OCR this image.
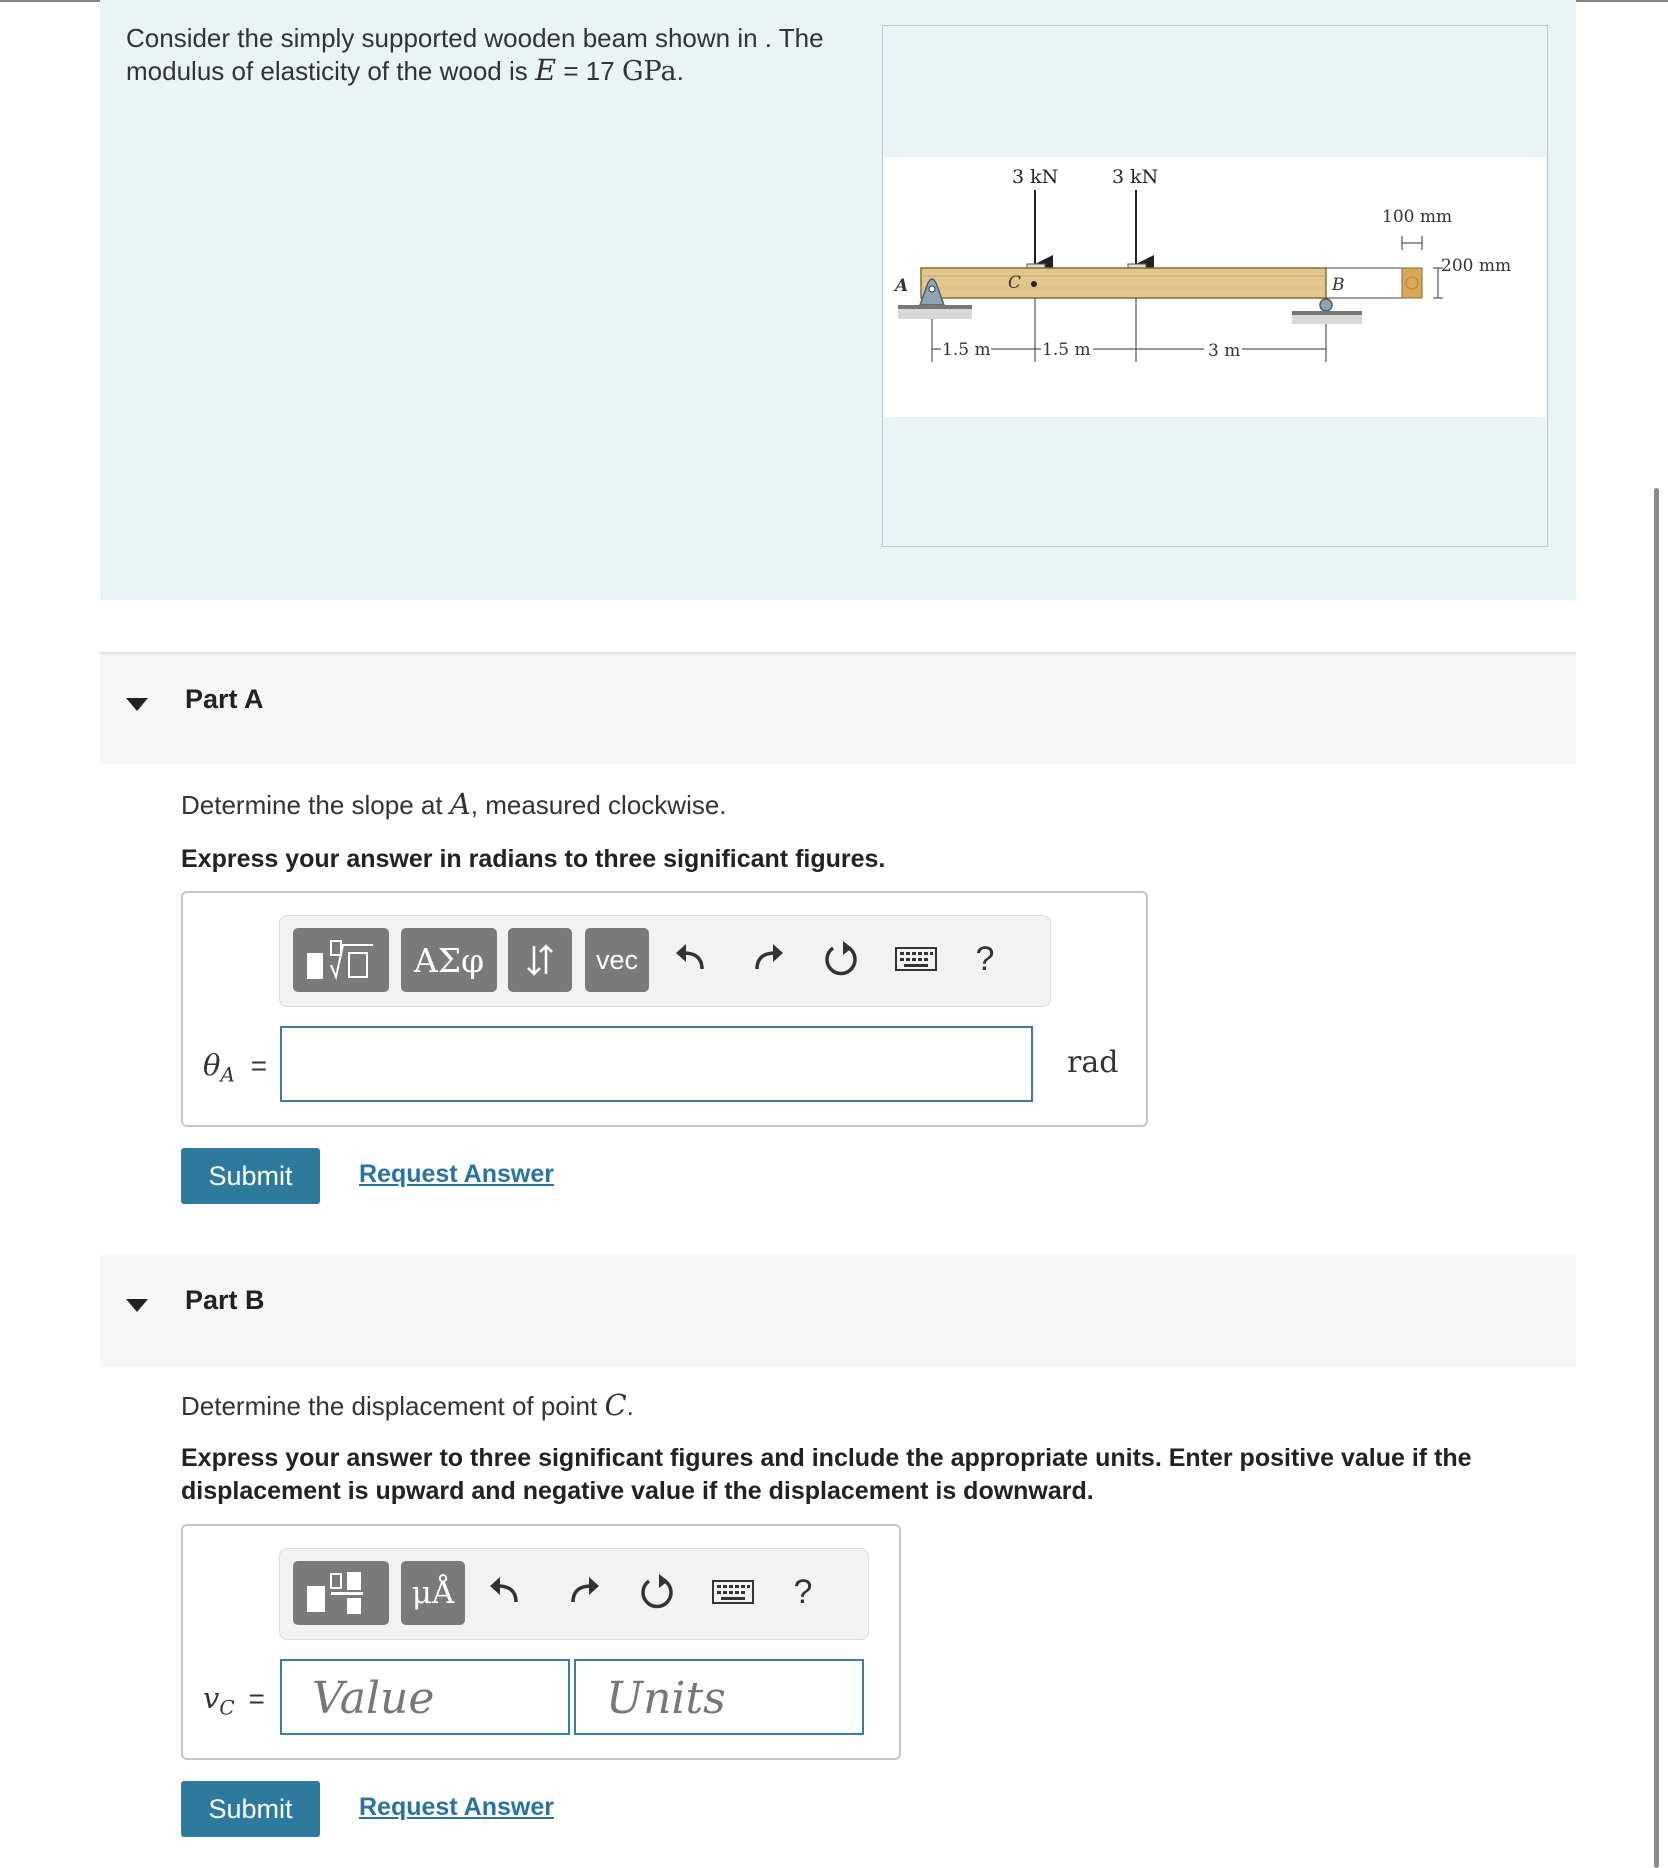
Consider the simply supported wooden beam shown in . The modulus of elasticity of the wood is E = 17 GPa.
3 kN	3 kN
A	B
C
100 mm
200 mm
1.5 m	1.5 m	3 m
Part A
Determine the slope at A, measured clockwise.
Express your answer in radians to three significant figures.
ΑΣφ	vec	?
$\theta_A$ =	rad
Submit	Request Answer
Part B
Determine the displacement of point C.
Express your answer to three significant figures and include the appropriate units. Enter positive value if the displacement is upward and negative value if the displacement is downward.
μÅ	?
$v_C$ = Value	Units
Submit	Request Answer
